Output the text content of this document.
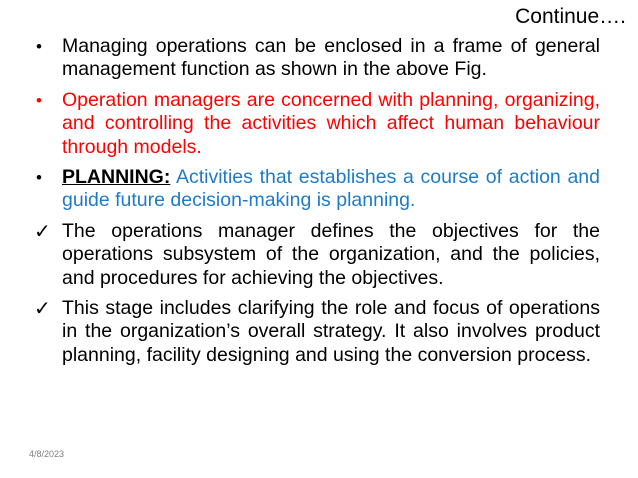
Continue….
•	Managing operations can be enclosed in a frame of general management function as shown in the above Fig.
•	Operation managers are concerned with planning, organizing, and controlling the activities which affect human behaviour through models.
•	PLANNING: Activities that establishes a course of action and guide future decision-making is planning.
✓ The operations manager defines the objectives for the operations subsystem of the organization, and the policies, and procedures for achieving the objectives.
✓ This stage includes clarifying the role and focus of operations in the organization’s overall strategy. It also involves product planning, facility designing and using the conversion process.
4/8/2023
